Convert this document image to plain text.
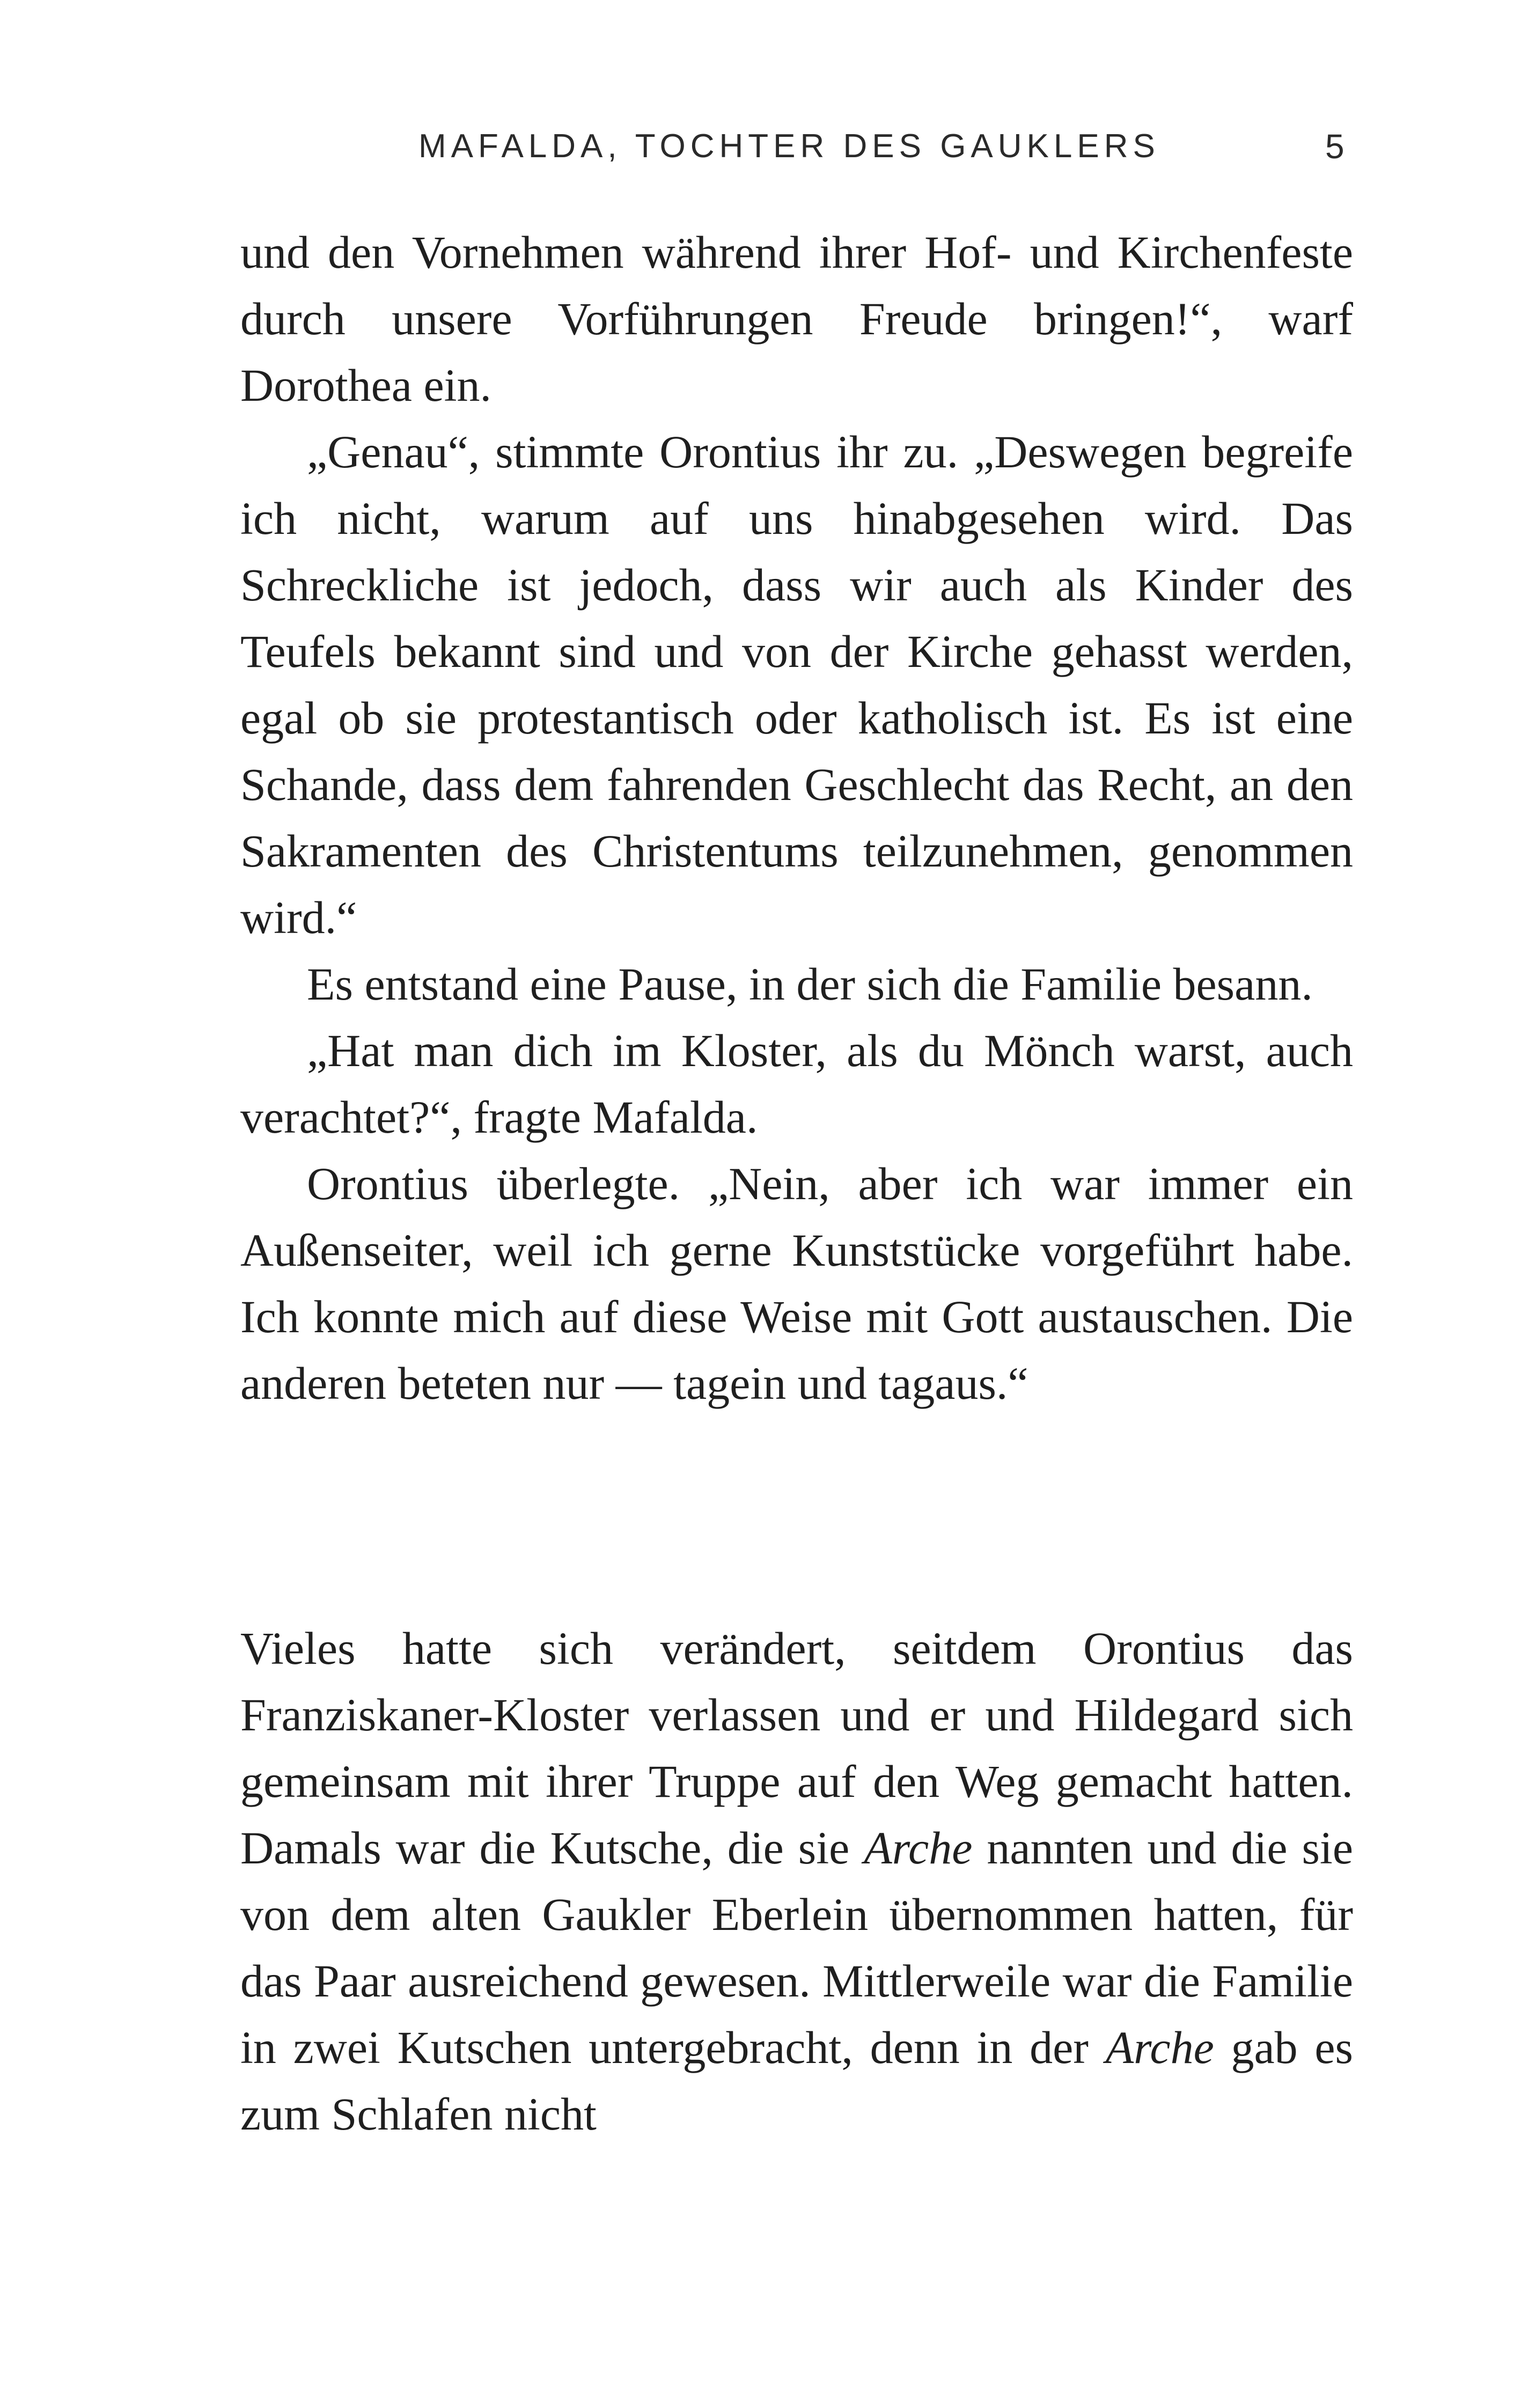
MAFALDA, TOCHTER DES GAUKLERS	5

und den Vornehmen während ihrer Hof- und Kirchenfeste durch unsere Vorführungen Freude bringen!“, warf Dorothea ein.

„Genau“, stimmte Orontius ihr zu. „Deswegen begreife ich nicht, warum auf uns hinabgesehen wird. Das Schreckliche ist jedoch, dass wir auch als Kinder des Teufels bekannt sind und von der Kirche gehasst werden, egal ob sie protestantisch oder katholisch ist. Es ist eine Schande, dass dem fahrenden Geschlecht das Recht, an den Sakramenten des Christentums teilzunehmen, genommen wird.“

Es entstand eine Pause, in der sich die Familie besann.

„Hat man dich im Kloster, als du Mönch warst, auch verachtet?“, fragte Mafalda.

Orontius überlegte. „Nein, aber ich war immer ein Außenseiter, weil ich gerne Kunststücke vorgeführt habe. Ich konnte mich auf diese Weise mit Gott austauschen. Die anderen beteten nur — tagein und tagaus.“

Vieles hatte sich verändert, seitdem Orontius das Franziskaner-Kloster verlassen und er und Hildegard sich gemeinsam mit ihrer Truppe auf den Weg gemacht hatten. Damals war die Kutsche, die sie Arche nannten und die sie von dem alten Gaukler Eberlein übernommen hatten, für das Paar ausreichend gewesen. Mittlerweile war die Familie in zwei Kutschen untergebracht, denn in der Arche gab es zum Schlafen nicht
